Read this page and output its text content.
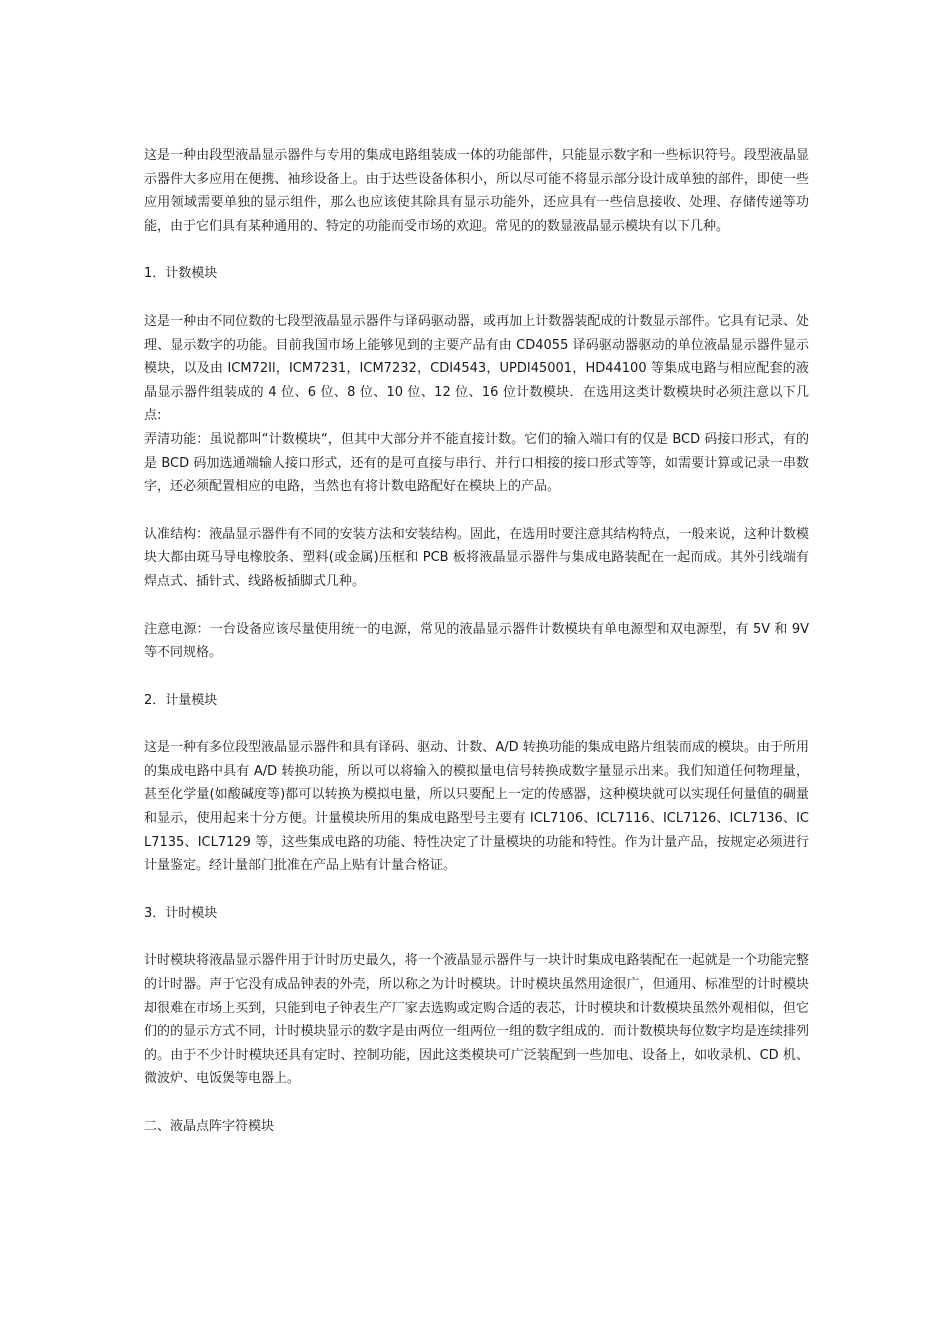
这是一种由段型液晶显示器件与专用的集成电路组装成一体的功能部件，只能显示数字和一些标识符号。段型液晶显示器件大多应用在便携、袖珍设备上。由于达些设备体积小，所以尽可能不将显示部分设计成单独的部件，即使一些应用领域需要单独的显示组件，那么也应该使其除具有显示功能外，还应具有一些信息接收、处理、存储传递等功能，由于它们具有某种通用的、特定的功能而受市场的欢迎。常见的的数显液晶显示模块有以下几种。

1．计数模块

这是一种由不同位数的七段型液晶显示器件与译码驱动器，或再加上计数器装配成的计数显示部件。它具有记录、处理、显示数字的功能。目前我国市场上能够见到的主要产品有由 CD4055 译码驱动器驱动的单位液晶显示器件显示模块，以及由 ICM72Il，ICM7231，ICM7232，CDI4543，UPDI45001，HD44100 等集成电路与相应配套的液晶显示器件组装成的 4 位、6 位、8 位、10 位、12 位、16 位计数模块．在选用这类计数模块时必须注意以下几点:

弄清功能：虽说都叫“计数模块“，但其中大部分并不能直接计数。它们的输入端口有的仅是 BCD 码接口形式，有的是 BCD 码加选通端输人接口形式，还有的是可直接与串行、并行口相接的接口形式等等，如需要计算或记录一串数字，还必须配置相应的电路，当然也有将计数电路配好在模块上的产品。

认准结构：液晶显示器件有不同的安装方法和安装结构。固此，在选用时要注意其结构特点，一般来说，这种计数模块大都由斑马导电橡胶条、塑料(或金属)压框和 PCB 板将液晶显示器件与集成电路装配在一起而成。其外引线端有焊点式、插针式、线路板插脚式几种。

注意电源：一台设备应该尽量使用统一的电源，常见的液晶显示器件计数模块有单电源型和双电源型，有 5V 和 9V 等不同规格。

2．计量模块

这是一种有多位段型液晶显示器件和具有译码、驱动、计数、A/D 转换功能的集成电路片组装而成的模块。由于所用的集成电路中具有 A/D 转换功能，所以可以将输入的模拟量电信号转换成数字量显示出来。我们知道任何物理量，甚至化学量(如酸碱度等)都可以转换为模拟电量，所以只要配上一定的传感器，这种模块就可以实现任何量值的碉量和显示，使用起来十分方便。计量模块所用的集成电路型号主要有 ICL7106、ICL7116、ICL7126、ICL7136、ICL7135、ICL7129 等，这些集成电路的功能、特性决定了计量模块的功能和特性。作为计量产品，按规定必须进行计量鉴定。经计量部门批准在产品上贴有计量合格证。

3．计时模块

计时模块将液晶显示器件用于计时历史最久，将一个液晶显示器件与一块计时集成电路装配在一起就是一个功能完整的计时器。声于它没有成品钟表的外壳，所以称之为计时模块。计时模块虽然用途很广，但通用、标准型的计时模块却很难在市场上买到，只能到电子钟表生产厂家去选购或定购合适的表芯，计时模块和计数模块虽然外观相似，但它们的的显示方式不同，计时模块显示的数字是由两位一组两位一组的数字组成的．而计数模块每位数字均是连续排列的。由于不少计时模块还具有定时、控制功能，因此这类模块可广泛装配到一些加电、设备上，如收录机、CD 机、微波炉、电饭煲等电器上。

二、液晶点阵字符模块
